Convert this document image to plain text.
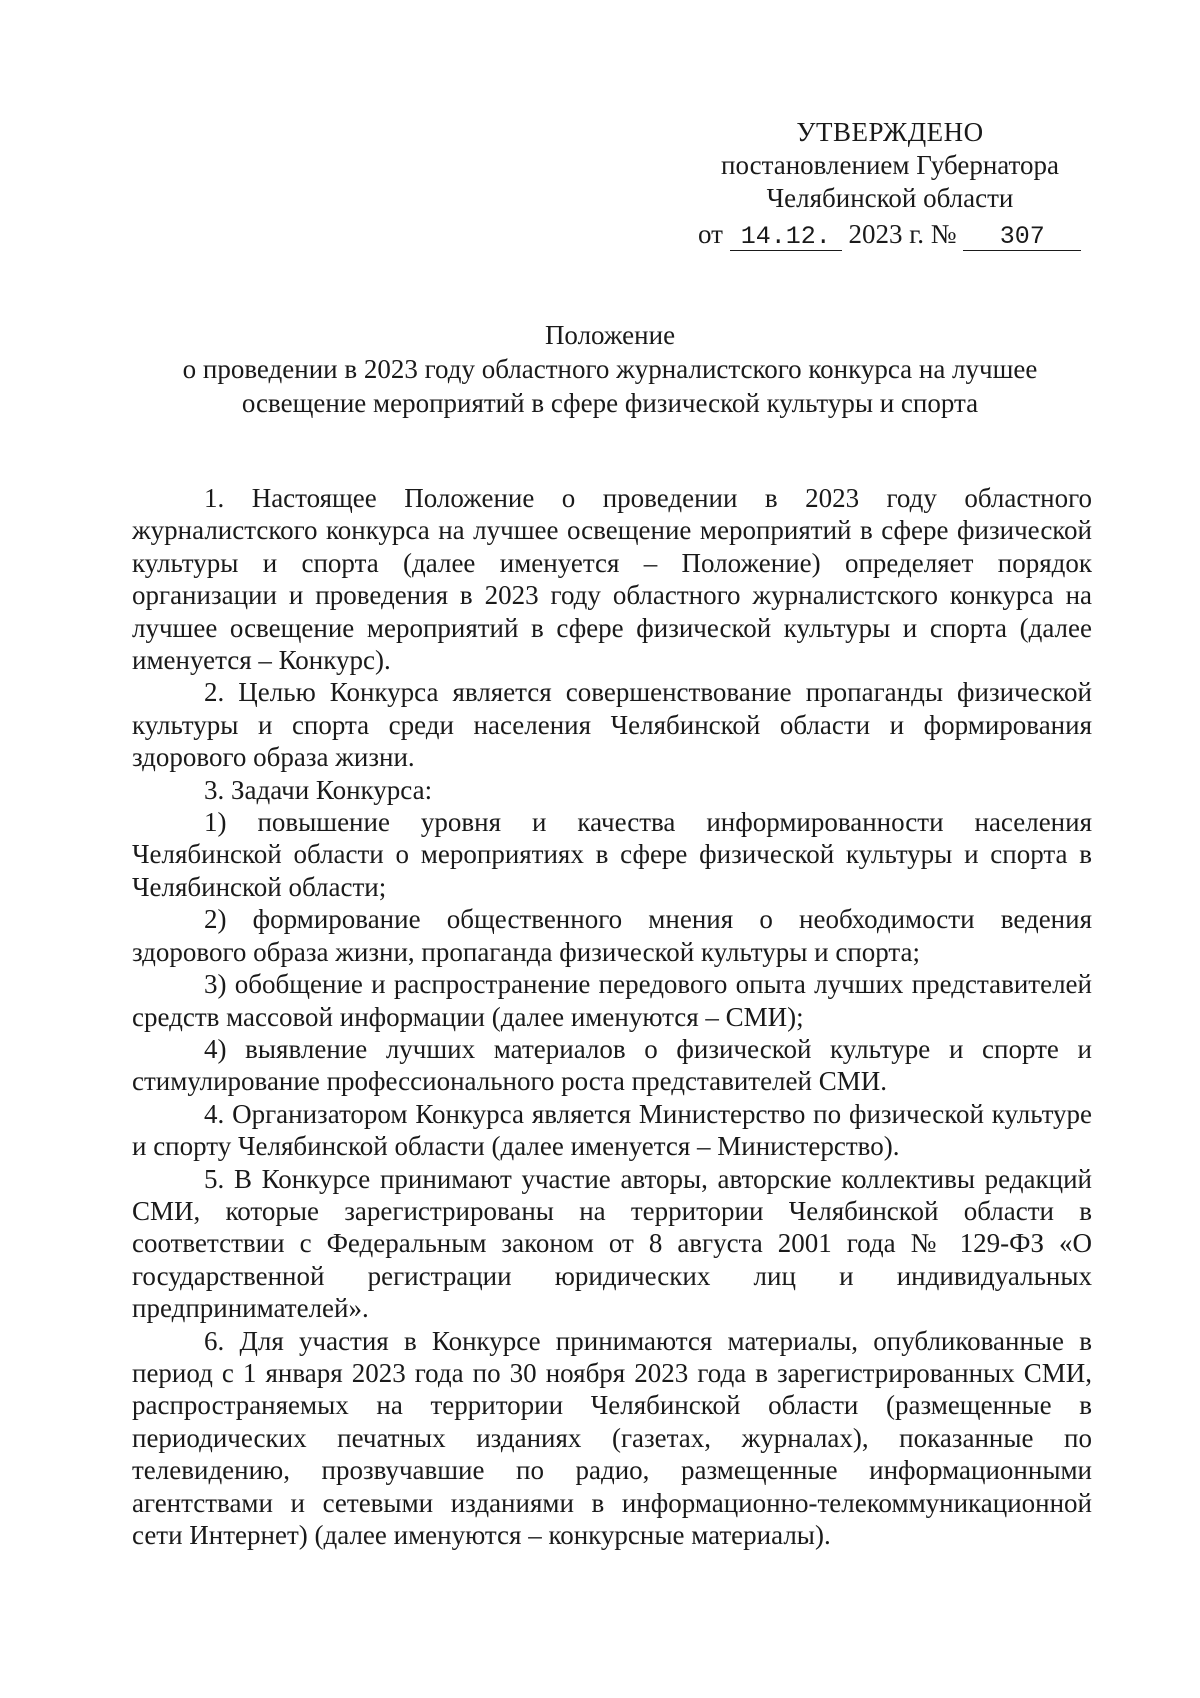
УТВЕРЖДЕНО
постановлением Губернатора
Челябинской области
от 14.12. 2023 г. № 307
Положение
о проведении в 2023 году областного журналистского конкурса на лучшее
освещение мероприятий в сфере физической культуры и спорта

1. Настоящее Положение о проведении в 2023 году областного журналистского конкурса на лучшее освещение мероприятий в сфере физической культуры и спорта (далее именуется – Положение) определяет порядок организации и проведения в 2023 году областного журналистского конкурса на лучшее освещение мероприятий в сфере физической культуры и спорта (далее именуется – Конкурс).

2. Целью Конкурса является совершенствование пропаганды физической культуры и спорта среди населения Челябинской области и формирования здорового образа жизни.

3. Задачи Конкурса:

1) повышение уровня и качества информированности населения Челябинской области о мероприятиях в сфере физической культуры и спорта в Челябинской области;

2) формирование общественного мнения о необходимости ведения здорового образа жизни, пропаганда физической культуры и спорта;

3) обобщение и распространение передового опыта лучших представителей средств массовой информации (далее именуются – СМИ);

4) выявление лучших материалов о физической культуре и спорте и стимулирование профессионального роста представителей СМИ.

4. Организатором Конкурса является Министерство по физической культуре и спорту Челябинской области (далее именуется – Министерство).

5. В Конкурсе принимают участие авторы, авторские коллективы редакций СМИ, которые зарегистрированы на территории Челябинской области в соответствии с Федеральным законом от 8 августа 2001 года № 129-ФЗ «О государственной регистрации юридических лиц и индивидуальных предпринимателей».

6. Для участия в Конкурсе принимаются материалы, опубликованные в период с 1 января 2023 года по 30 ноября 2023 года в зарегистрированных СМИ, распространяемых на территории Челябинской области (размещенные в периодических печатных изданиях (газетах, журналах), показанные по телевидению, прозвучавшие по радио, размещенные информационными агентствами и сетевыми изданиями в информационно-телекоммуникационной сети Интернет) (далее именуются – конкурсные материалы).
